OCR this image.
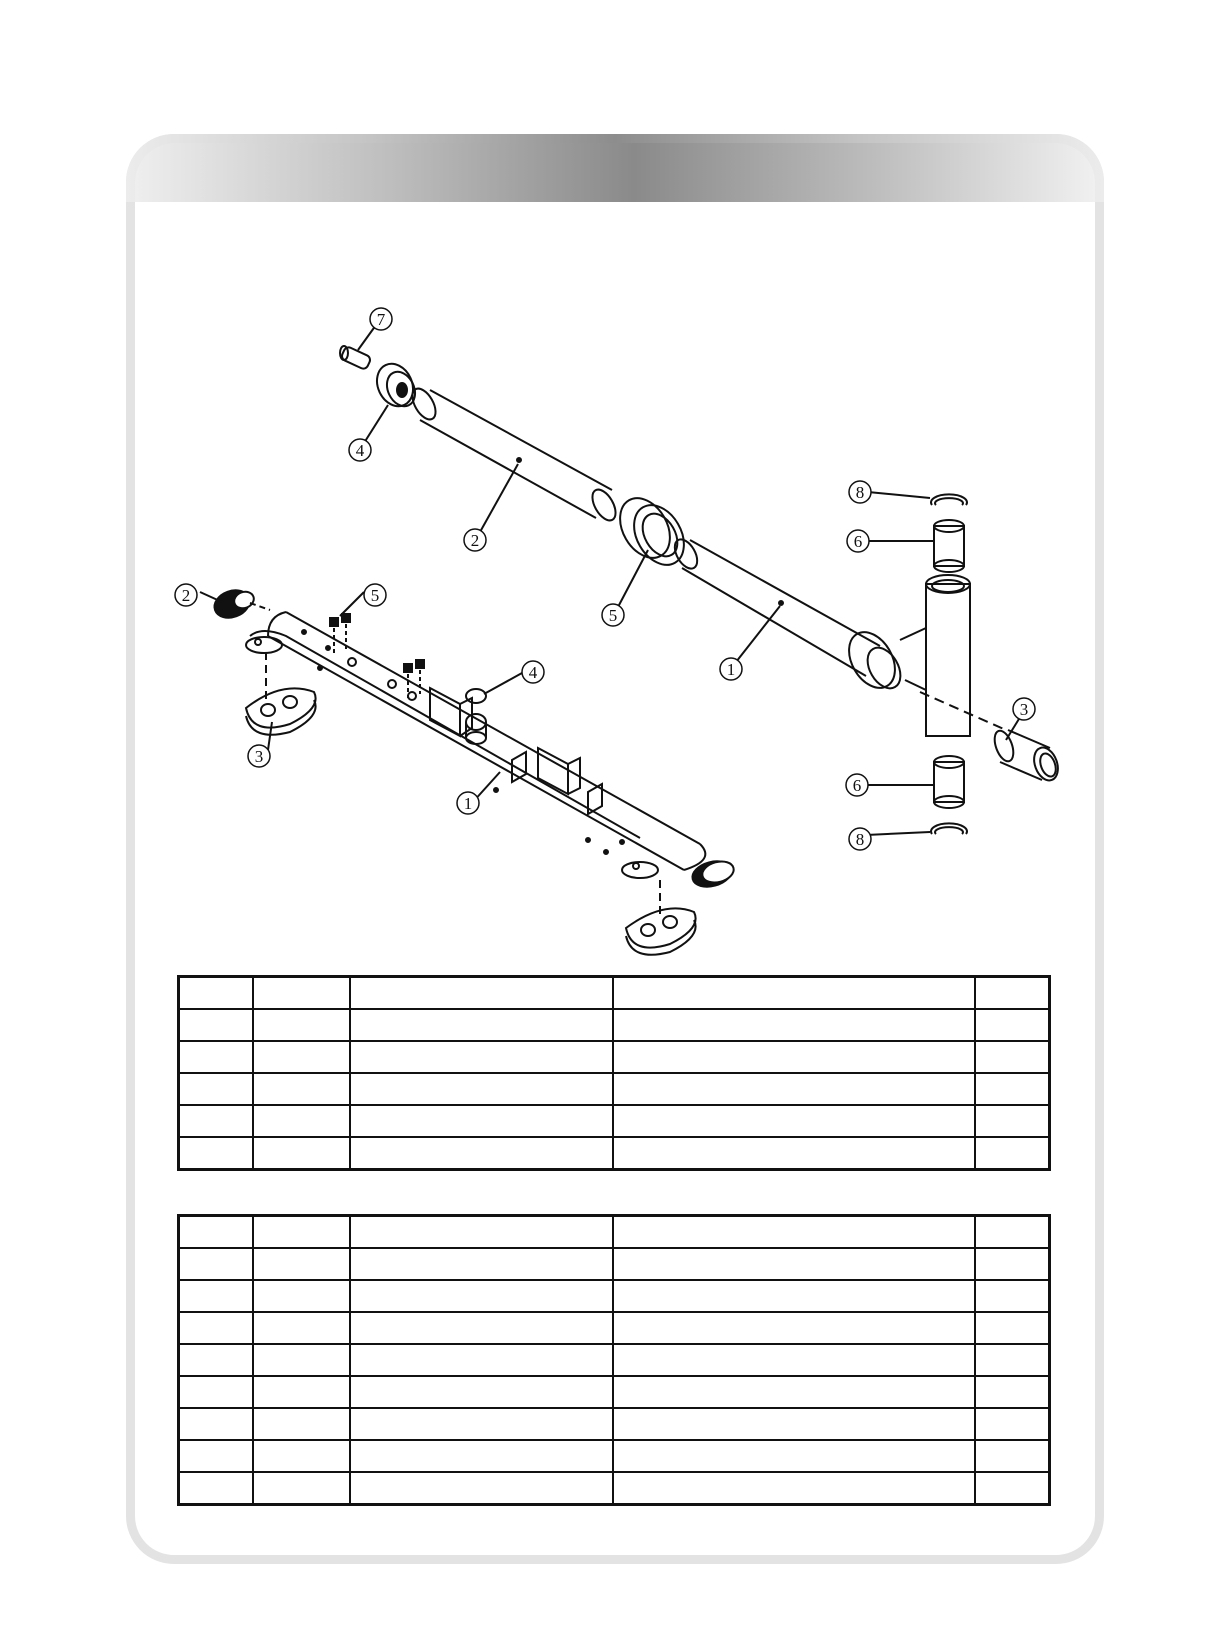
7
4
2
5
1
8
6
3
6
8
2	5
4
3
1
